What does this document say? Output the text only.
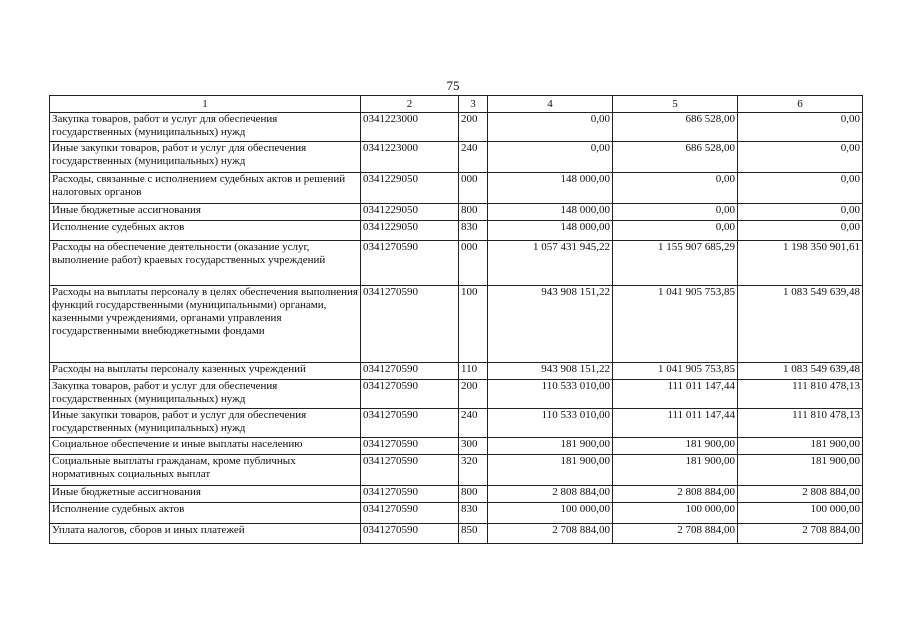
75
1	2	3	4	5	6
Закупка товаров, работ и услуг для обеспечения государственных (муниципальных) нужд	0341223000	200	0,00	686 528,00	0,00
Иные закупки товаров, работ и услуг для обеспечения государственных (муниципальных) нужд	0341223000	240	0,00	686 528,00	0,00
Расходы, связанные с исполнением судебных актов и решений налоговых органов	0341229050	000	148 000,00	0,00	0,00
Иные бюджетные ассигнования	0341229050	800	148 000,00	0,00	0,00
Исполнение судебных актов	0341229050	830	148 000,00	0,00	0,00
Расходы на обеспечение деятельности (оказание услуг, выполнение работ) краевых государственных учреждений	0341270590	000	1 057 431 945,22	1 155 907 685,29	1 198 350 901,61
Расходы на выплаты персоналу в целях обеспечения выполнения функций государственными (муниципальными) органами, казенными учреждениями, органами управления государственными внебюджетными фондами	0341270590	100	943 908 151,22	1 041 905 753,85	1 083 549 639,48
Расходы на выплаты персоналу казенных учреждений	0341270590	110	943 908 151,22	1 041 905 753,85	1 083 549 639,48
Закупка товаров, работ и услуг для обеспечения государственных (муниципальных) нужд	0341270590	200	110 533 010,00	111 011 147,44	111 810 478,13
Иные закупки товаров, работ и услуг для обеспечения государственных (муниципальных) нужд	0341270590	240	110 533 010,00	111 011 147,44	111 810 478,13
Социальное обеспечение и иные выплаты населению	0341270590	300	181 900,00	181 900,00	181 900,00
Социальные выплаты гражданам, кроме публичных нормативных социальных выплат	0341270590	320	181 900,00	181 900,00	181 900,00
Иные бюджетные ассигнования	0341270590	800	2 808 884,00	2 808 884,00	2 808 884,00
Исполнение судебных актов	0341270590	830	100 000,00	100 000,00	100 000,00
Уплата налогов, сборов и иных платежей	0341270590	850	2 708 884,00	2 708 884,00	2 708 884,00
